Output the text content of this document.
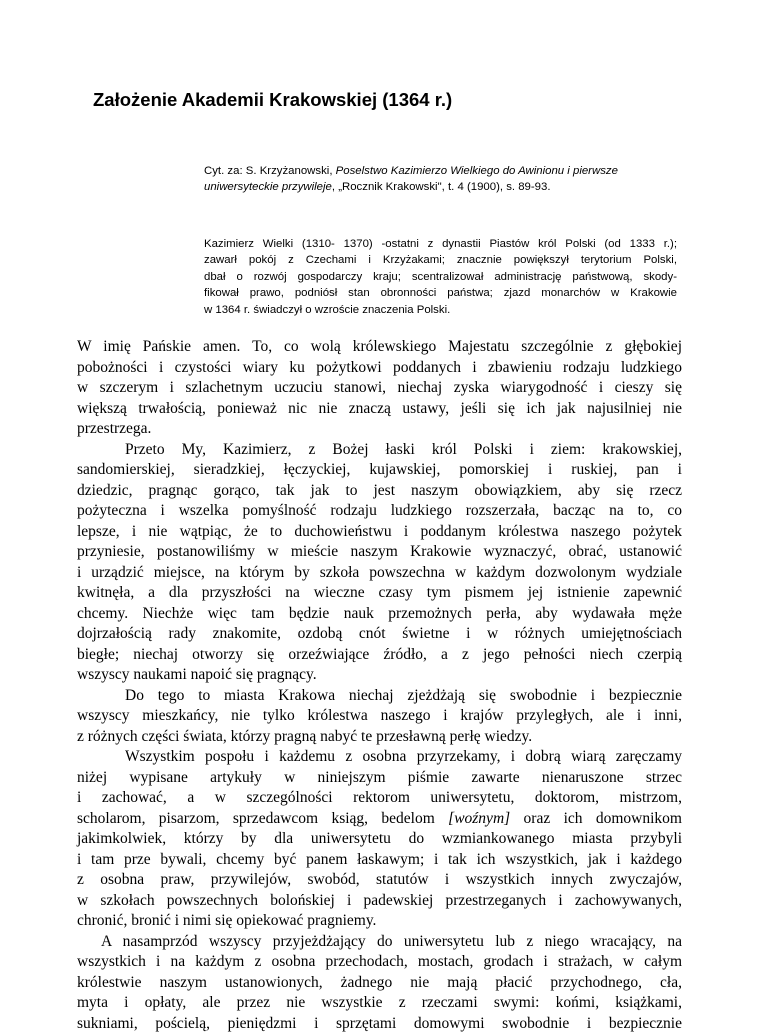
Założenie Akademii Krakowskiej (1364 r.)
Cyt. za: S. Krzyżanowski, Poselstwo Kazimierzo Wielkiego do Awinionu i pierwsze
uniwersyteckie przywileje, „Rocznik Krakowski", t. 4 (1900), s. 89-93.
Kazimierz Wielki (1310- 1370) -ostatni z dynastii Piastów król Polski (od 1333 r.);
zawarł pokój z Czechami i Krzyżakami; znacznie powiększył terytorium Polski,
dbał o rozwój gospodarczy kraju; scentralizował administrację państwową, skody-
fikował prawo, podniósł stan obronności państwa; zjazd monarchów w Krakowie
w 1364 r. świadczył o wzroście znaczenia Polski.
W imię Pańskie amen. To, co wolą królewskiego Majestatu szczególnie z głębokiej
pobożności i czystości wiary ku pożytkowi poddanych i zbawieniu rodzaju ludzkiego
w szczerym i szlachetnym uczuciu stanowi, niechaj zyska wiarygodność i cieszy się
większą trwałością, ponieważ nic nie znaczą ustawy, jeśli się ich jak najusilniej nie
przestrzega.
Przeto My, Kazimierz, z Bożej łaski król Polski i ziem: krakowskiej,
sandomierskiej, sieradzkiej, łęczyckiej, kujawskiej, pomorskiej i ruskiej, pan i
dziedzic, pragnąc gorąco, tak jak to jest naszym obowiązkiem, aby się rzecz
pożyteczna i wszelka pomyślność rodzaju ludzkiego rozszerzała, bacząc na to, co
lepsze, i nie wątpiąc, że to duchowieństwu i poddanym królestwa naszego pożytek
przyniesie, postanowiliśmy w mieście naszym Krakowie wyznaczyć, obrać, ustanowić
i urządzić miejsce, na którym by szkoła powszechna w każdym dozwolonym wydziale
kwitnęła, a dla przyszłości na wieczne czasy tym pismem jej istnienie zapewnić
chcemy. Niechże więc tam będzie nauk przemożnych perła, aby wydawała męże
dojrzałością rady znakomite, ozdobą cnót świetne i w różnych umiejętnościach
biegłe; niechaj otworzy się orzeźwiające źródło, a z jego pełności niech czerpią
wszyscy naukami napoić się pragnący.
Do tego to miasta Krakowa niechaj zjeżdżają się swobodnie i bezpiecznie
wszyscy mieszkańcy, nie tylko królestwa naszego i krajów przyległych, ale i inni,
z różnych części świata, którzy pragną nabyć te przesławną perłę wiedzy.
Wszystkim pospołu i każdemu z osobna przyrzekamy, i dobrą wiarą zaręczamy
niżej wypisane artykuły w niniejszym piśmie zawarte nienaruszone strzec
i zachować, a w szczególności rektorom uniwersytetu, doktorom, mistrzom,
scholarom, pisarzom, sprzedawcom ksiąg, bedelom [woźnym] oraz ich domownikom
jakimkolwiek, którzy by dla uniwersytetu do wzmiankowanego miasta przybyli
i tam prze bywali, chcemy być panem łaskawym; i tak ich wszystkich, jak i każdego
z osobna praw, przywilejów, swobód, statutów i wszystkich innych zwyczajów,
w szkołach powszechnych bolońskiej i padewskiej przestrzeganych i zachowywanych,
chronić, bronić i nimi się opiekować pragniemy.
A nasamprzód wszyscy przyjeżdżający do uniwersytetu lub z niego wracający, na
wszystkich i na każdym z osobna przechodach, mostach, grodach i strażach, w całym
królestwie naszym ustanowionych, żadnego nie mają płacić przychodnego, cła,
myta i opłaty, ale przez nie wszystkie z rzeczami swymi: końmi, książkami,
sukniami, pościelą, pieniędzmi i sprzętami domowymi swobodnie i bezpiecznie
